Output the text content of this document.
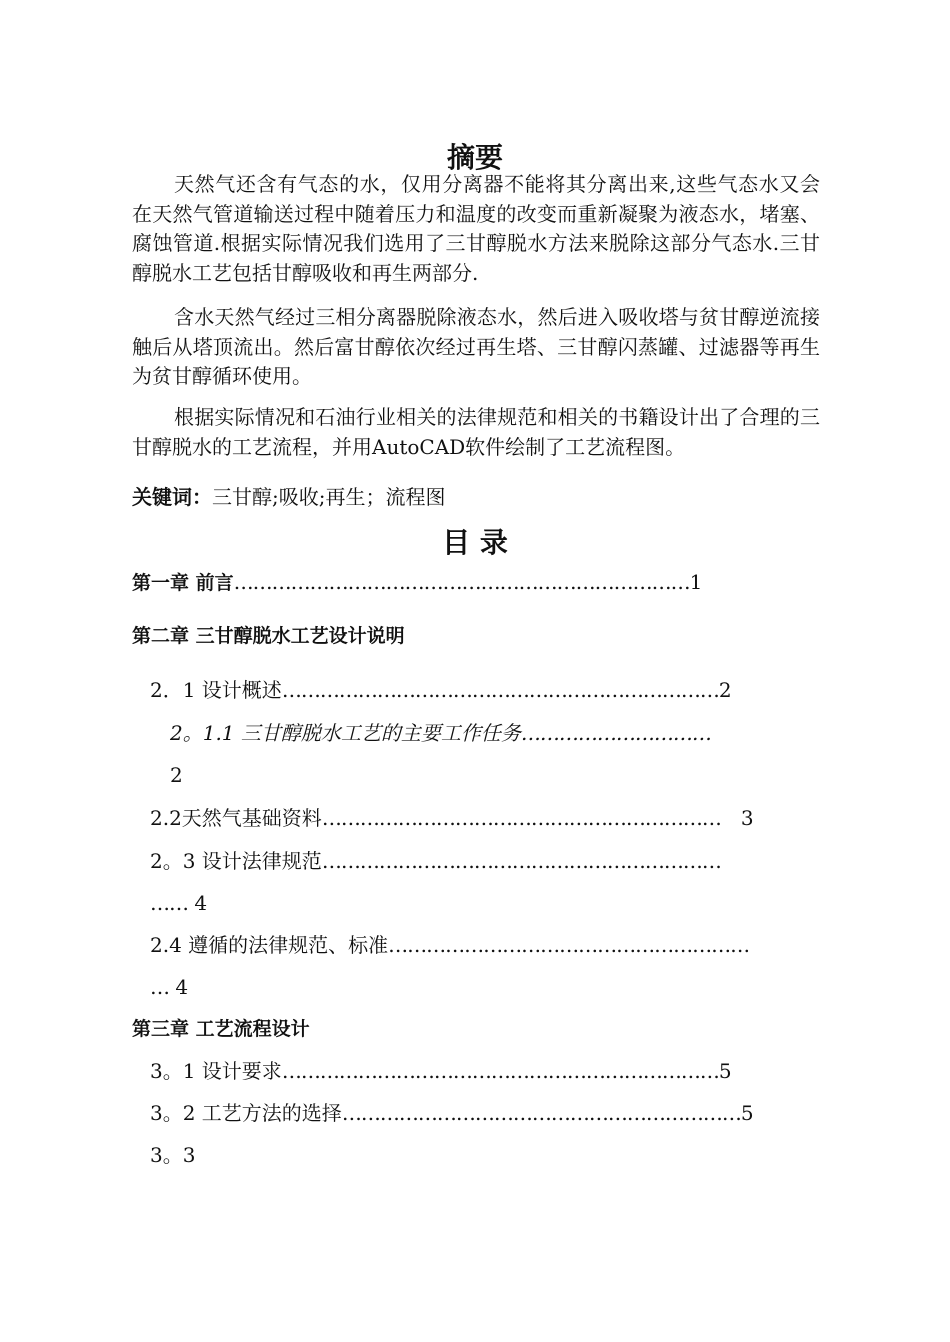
摘要
天然气还含有气态的水，仅用分离器不能将其分离出来,这些气态水又会在天然气管道输送过程中随着压力和温度的改变而重新凝聚为液态水，堵塞、腐蚀管道.根据实际情况我们选用了三甘醇脱水方法来脱除这部分气态水.三甘醇脱水工艺包括甘醇吸收和再生两部分.
含水天然气经过三相分离器脱除液态水，然后进入吸收塔与贫甘醇逆流接触后从塔顶流出。然后富甘醇依次经过再生塔、三甘醇闪蒸罐、过滤器等再生为贫甘醇循环使用。
根据实际情况和石油行业相关的法律规范和相关的书籍设计出了合理的三甘醇脱水的工艺流程，并用AutoCAD软件绘制了工艺流程图。
关键词：三甘醇;吸收;再生；流程图
目 录
第一章 前言………………………………………………………………1
第二章 三甘醇脱水工艺设计说明
2．1 设计概述……………………………………………………………2
2。1.1 三甘醇脱水工艺的主要工作任务…………………………
2
2.2天然气基础资料……………………………………………………… 3
2。3 设计法律规范………………………………………………………
…… 4
2.4 遵循的法律规范、标准…………………………………………………
… 4
第三章 工艺流程设计
3。1 设计要求……………………………………………………………5
3。2 工艺方法的选择………………………………………………………5
3。3
